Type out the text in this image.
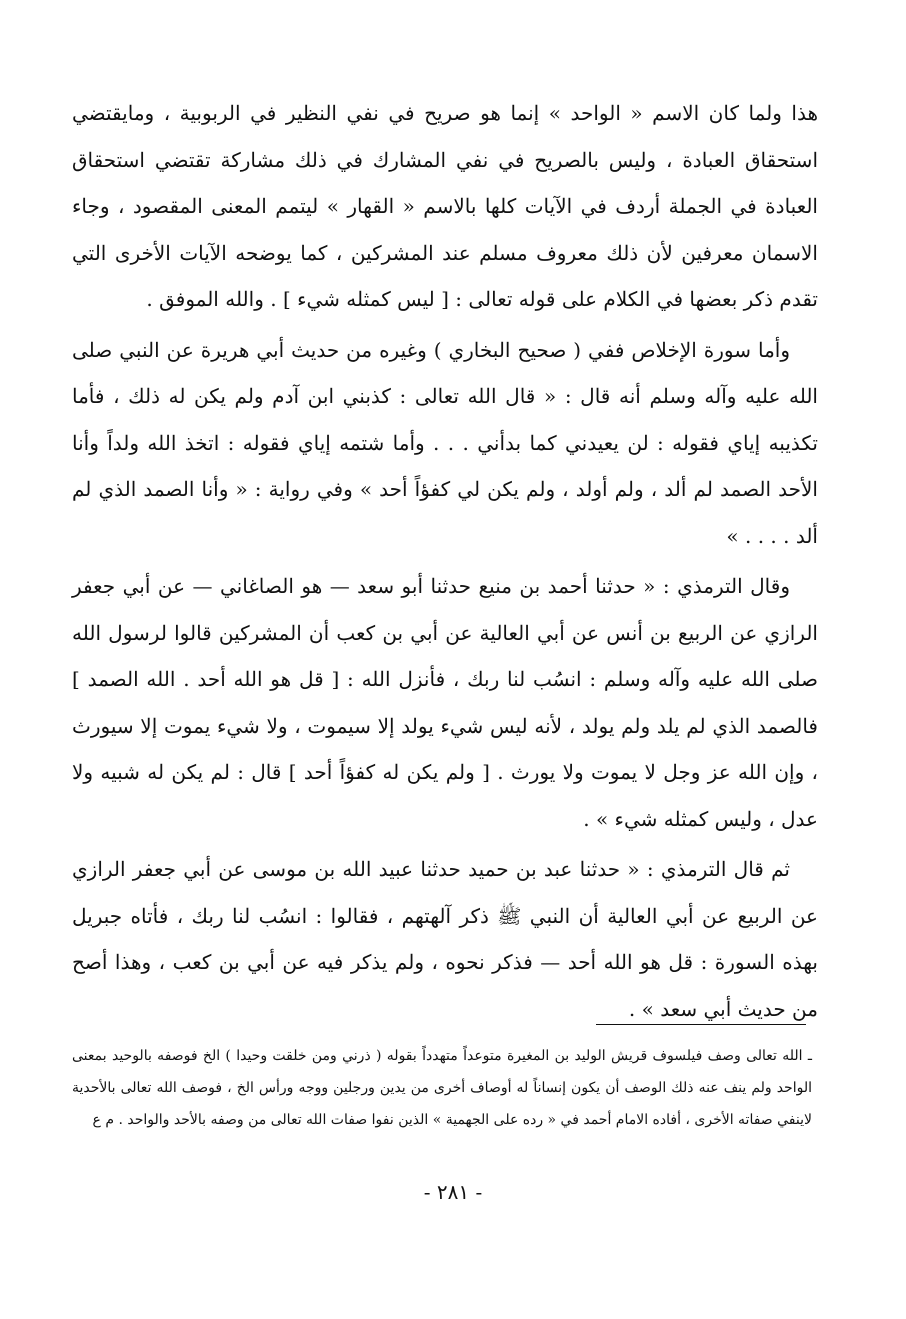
هذا ولما كان الاسم « الواحد » إنما هو صريح في نفي النظير في الربوبية ، ومايقتضي استحقاق العبادة ، وليس بالصريح في نفي المشارك في ذلك مشاركة تقتضي استحقاق العبادة في الجملة أردف في الآيات كلها بالاسم « القهار » ليتمم المعنى المقصود ، وجاء الاسمان معرفين لأن ذلك معروف مسلم عند المشركين ، كما يوضحه الآيات الأخرى التي تقدم ذكر بعضها في الكلام على قوله تعالى : [ ليس كمثله شيء ] . والله الموفق .

وأما سورة الإخلاص ففي ( صحيح البخاري ) وغيره من حديث أبي هريرة عن النبي صلى الله عليه وآله وسلم أنه قال : « قال الله تعالى : كذبني ابن آدم ولم يكن له ذلك ، فأما تكذيبه إياي فقوله : لن يعيدني كما بدأني . . . وأما شتمه إياي فقوله : اتخذ الله ولداً وأنا الأحد الصمد لم ألد ، ولم أولد ، ولم يكن لي كفؤاً أحد » وفي رواية : « وأنا الصمد الذي لم ألد . . . . »

وقال الترمذي : « حدثنا أحمد بن منيع حدثنا أبو سعد — هو الصاغاني — عن أبي جعفر الرازي عن الربيع بن أنس عن أبي العالية عن أبي بن كعب أن المشركين قالوا لرسول الله صلى الله عليه وآله وسلم : انسُب لنا ربك ، فأنزل الله : [ قل هو الله أحد . الله الصمد ] فالصمد الذي لم يلد ولم يولد ، لأنه ليس شيء يولد إلا سيموت ، ولا شيء يموت إلا سيورث ، وإن الله عز وجل لا يموت ولا يورث . [ ولم يكن له كفؤاً أحد ] قال : لم يكن له شبيه ولا عدل ، وليس كمثله شيء » .

ثم قال الترمذي : « حدثنا عبد بن حميد حدثنا عبيد الله بن موسى عن أبي جعفر الرازي عن الربيع عن أبي العالية أن النبي ﷺ ذكر آلهتهم ، فقالوا : انسُب لنا ربك ، فأتاه جبريل بهذه السورة : قل هو الله أحد — فذكر نحوه ، ولم يذكر فيه عن أبي بن كعب ، وهذا أصح من حديث أبي سعد » .

ـ الله تعالى وصف فيلسوف قريش الوليد بن المغيرة متوعداً متهدداً بقوله ( ذرني ومن خلقت وحيدا ) الخ فوصفه بالوحيد بمعنى الواحد ولم ينف عنه ذلك الوصف أن يكون إنساناً له أوصاف أخرى من يدين ورجلين ووجه ورأس الخ ، فوصف الله تعالى بالأحدية لاينفي صفاته الأخرى ، أفاده الامام أحمد في « رده على الجهمية » الذين نفوا صفات الله تعالى من وصفه بالأحد والواحد . م ع

- ٢٨١ -
